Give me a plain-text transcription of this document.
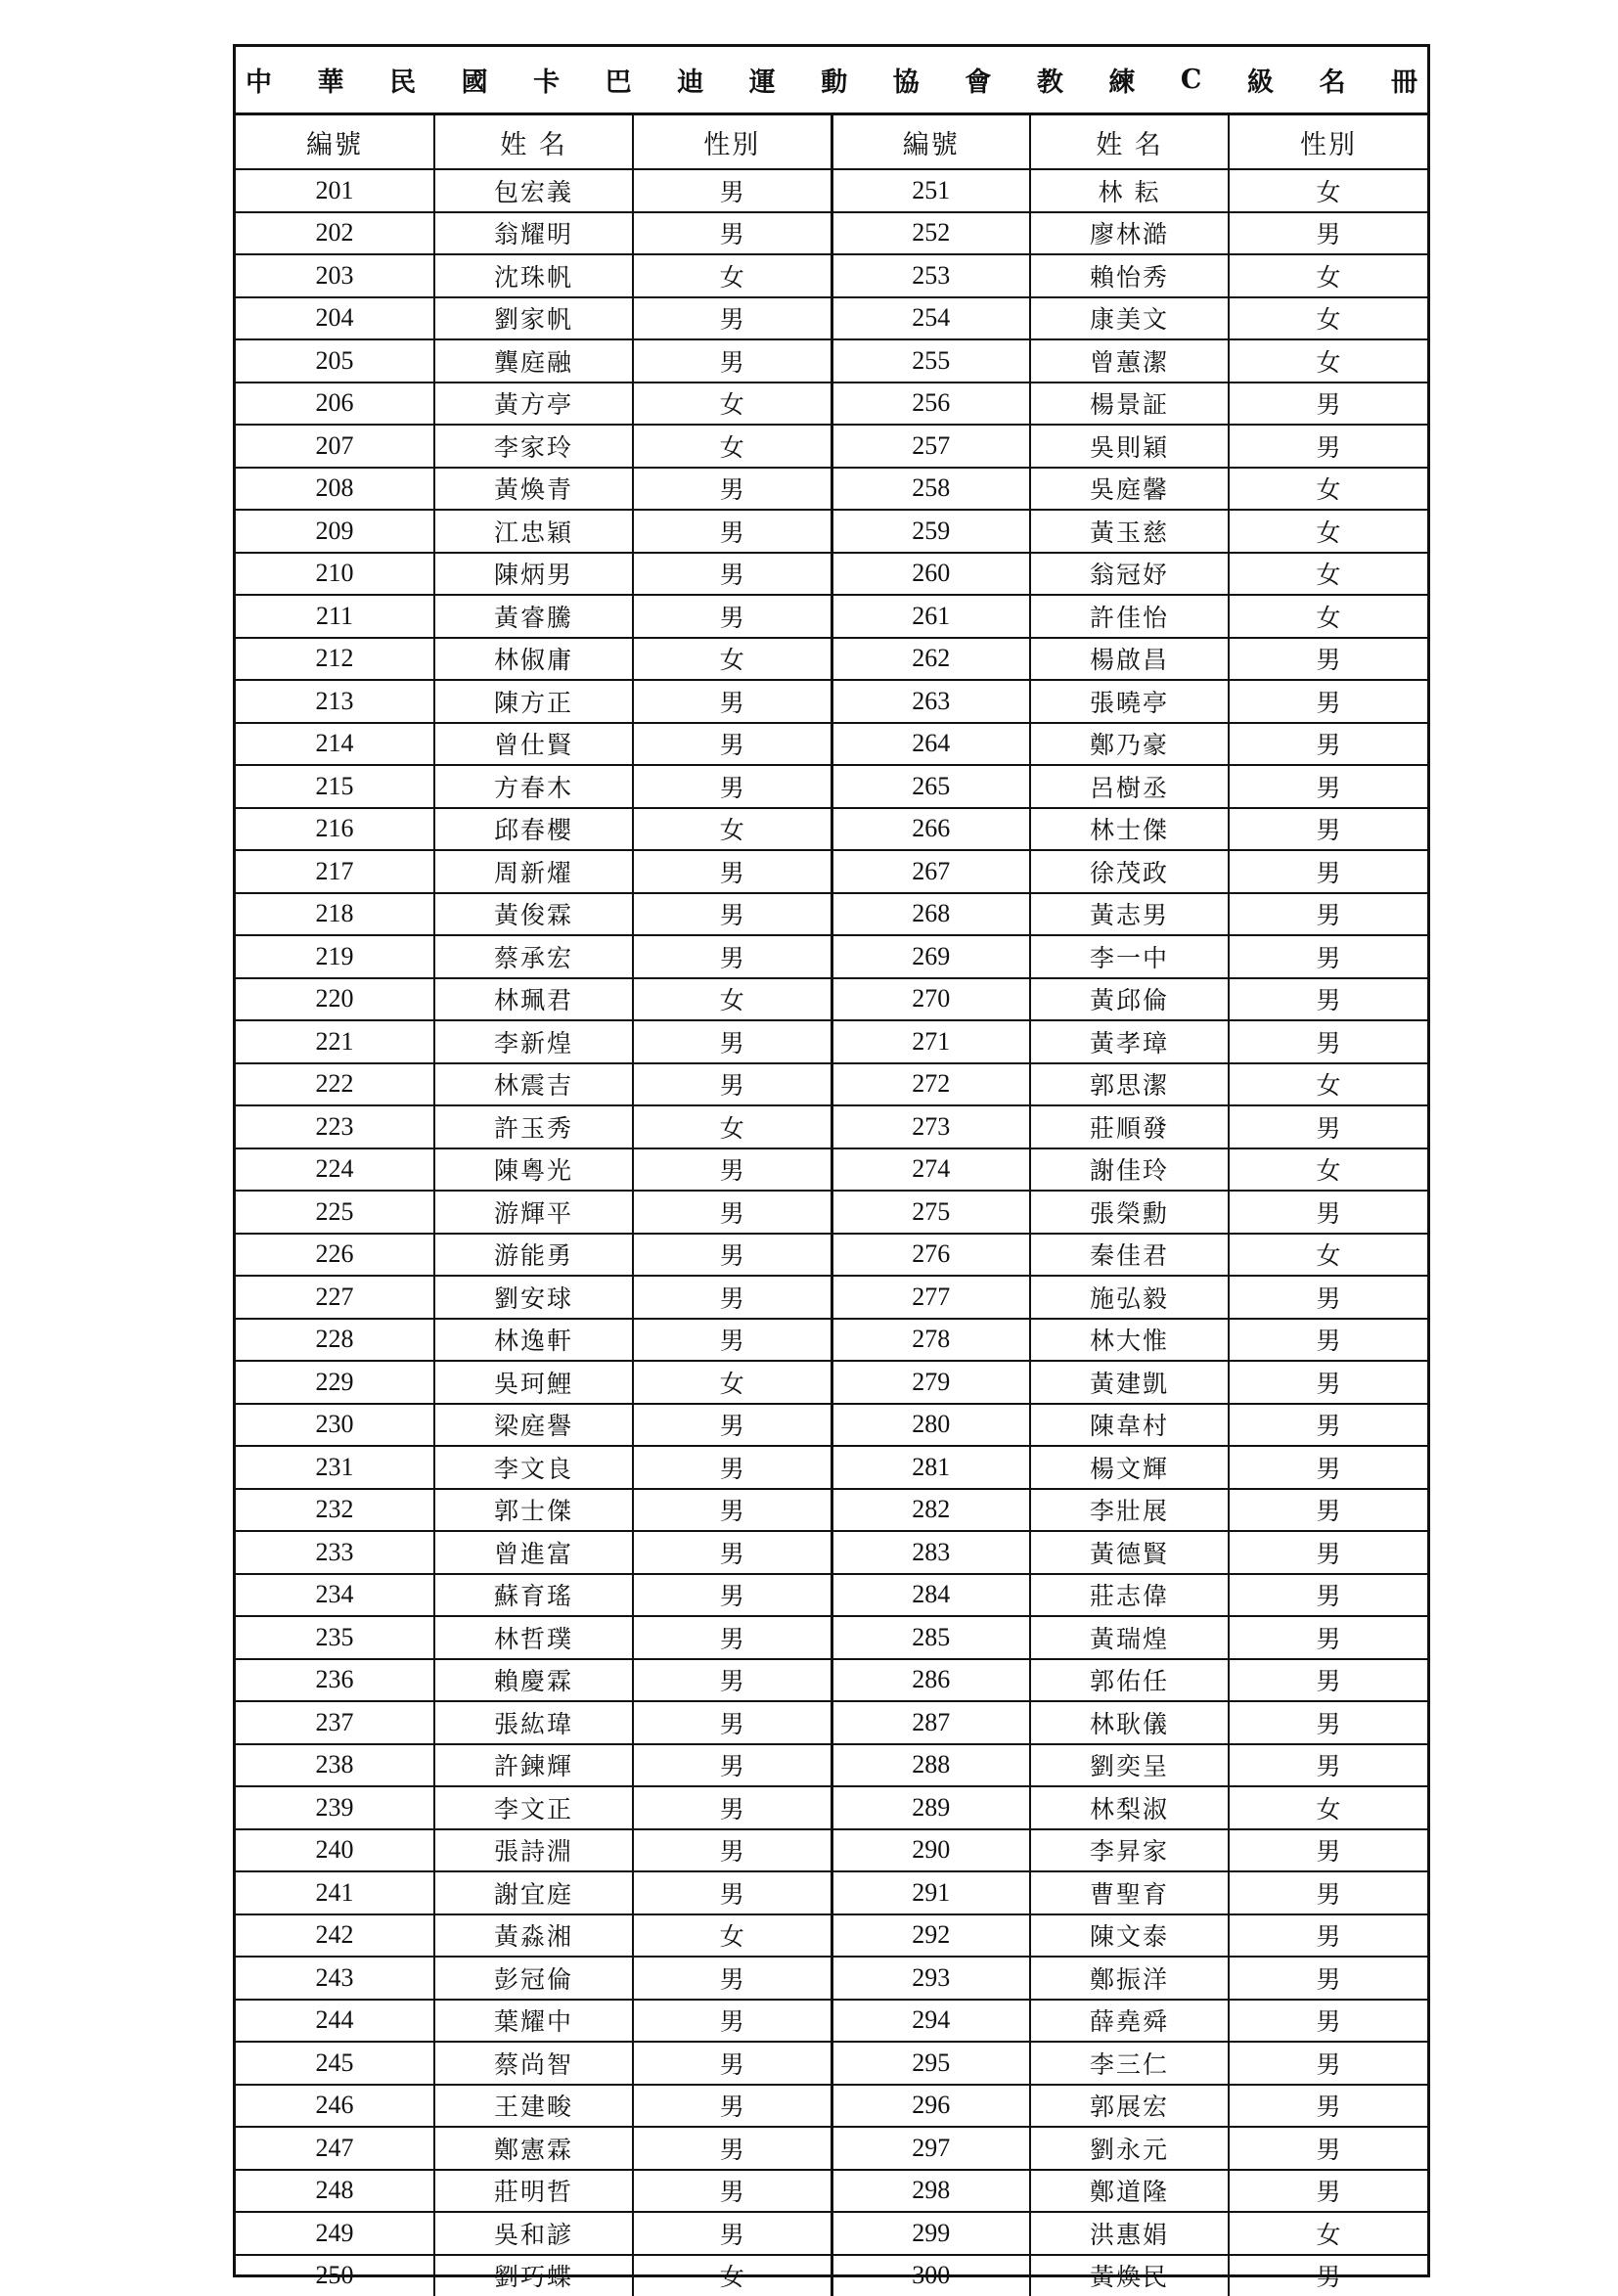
中 華 民 國 卡 巴 迪 運 動 協 會 教 練 C 級 名 冊
編號	姓 名	性別	編號	姓 名	性別
201	包宏義	男	251	林 耘	女
202	翁耀明	男	252	廖林澔	男
203	沈珠帆	女	253	賴怡秀	女
204	劉家帆	男	254	康美文	女
205	龔庭融	男	255	曾蕙潔	女
206	黃方亭	女	256	楊景証	男
207	李家玲	女	257	吳則穎	男
208	黃煥青	男	258	吳庭馨	女
209	江忠穎	男	259	黃玉慈	女
210	陳炳男	男	260	翁冠妤	女
211	黃睿騰	男	261	許佳怡	女
212	林俶庸	女	262	楊啟昌	男
213	陳方正	男	263	張曉亭	男
214	曾仕賢	男	264	鄭乃豪	男
215	方春木	男	265	呂樹丞	男
216	邱春櫻	女	266	林士傑	男
217	周新燿	男	267	徐茂政	男
218	黃俊霖	男	268	黃志男	男
219	蔡承宏	男	269	李一中	男
220	林珮君	女	270	黃邱倫	男
221	李新煌	男	271	黃孝璋	男
222	林震吉	男	272	郭思潔	女
223	許玉秀	女	273	莊順發	男
224	陳粵光	男	274	謝佳玲	女
225	游輝平	男	275	張榮勳	男
226	游能勇	男	276	秦佳君	女
227	劉安球	男	277	施弘毅	男
228	林逸軒	男	278	林大惟	男
229	吳珂鯉	女	279	黃建凱	男
230	梁庭譽	男	280	陳韋村	男
231	李文良	男	281	楊文輝	男
232	郭士傑	男	282	李壯展	男
233	曾進富	男	283	黃德賢	男
234	蘇育瑤	男	284	莊志偉	男
235	林哲璞	男	285	黃瑞煌	男
236	賴慶霖	男	286	郭佑任	男
237	張紘瑋	男	287	林耿儀	男
238	許鍊輝	男	288	劉奕呈	男
239	李文正	男	289	林梨淑	女
240	張詩淵	男	290	李昇家	男
241	謝宜庭	男	291	曹聖育	男
242	黃淼湘	女	292	陳文泰	男
243	彭冠倫	男	293	鄭振洋	男
244	葉耀中	男	294	薛堯舜	男
245	蔡尚智	男	295	李三仁	男
246	王建畯	男	296	郭展宏	男
247	鄭憲霖	男	297	劉永元	男
248	莊明哲	男	298	鄭道隆	男
249	吳和諺	男	299	洪惠娟	女
250	劉巧蝶	女	300	黃煥民	男
